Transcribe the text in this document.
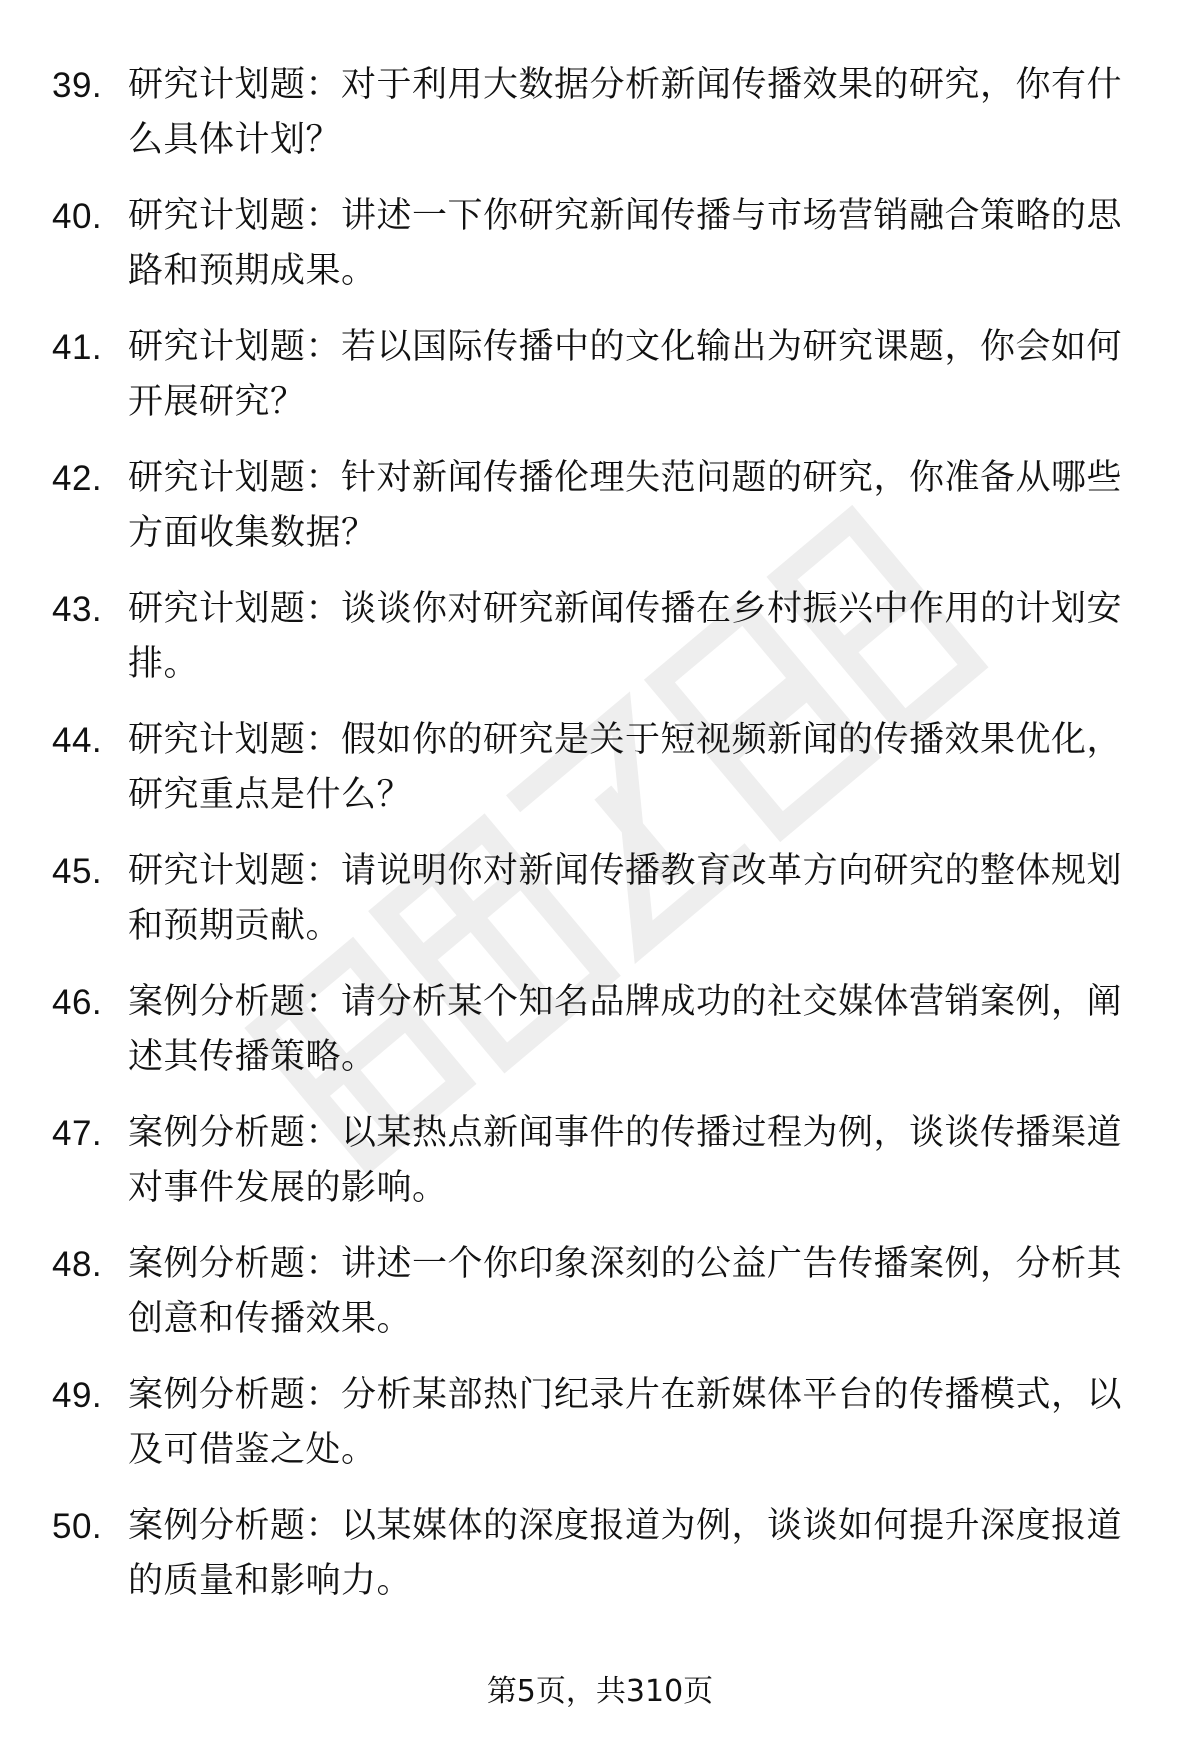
39. 研究计划题：对于利用大数据分析新闻传播效果的研究，你有什么具体计划？
40. 研究计划题：讲述一下你研究新闻传播与市场营销融合策略的思路和预期成果。
41. 研究计划题：若以国际传播中的文化输出为研究课题，你会如何开展研究？
42. 研究计划题：针对新闻传播伦理失范问题的研究，你准备从哪些方面收集数据？
43. 研究计划题：谈谈你对研究新闻传播在乡村振兴中作用的计划安排。
44. 研究计划题：假如你的研究是关于短视频新闻的传播效果优化，研究重点是什么？
45. 研究计划题：请说明你对新闻传播教育改革方向研究的整体规划和预期贡献。
46. 案例分析题：请分析某个知名品牌成功的社交媒体营销案例，阐述其传播策略。
47. 案例分析题：以某热点新闻事件的传播过程为例，谈谈传播渠道对事件发展的影响。
48. 案例分析题：讲述一个你印象深刻的公益广告传播案例，分析其创意和传播效果。
49. 案例分析题：分析某部热门纪录片在新媒体平台的传播模式，以及可借鉴之处。
50. 案例分析题：以某媒体的深度报道为例，谈谈如何提升深度报道的质量和影响力。
第5页，共310页
